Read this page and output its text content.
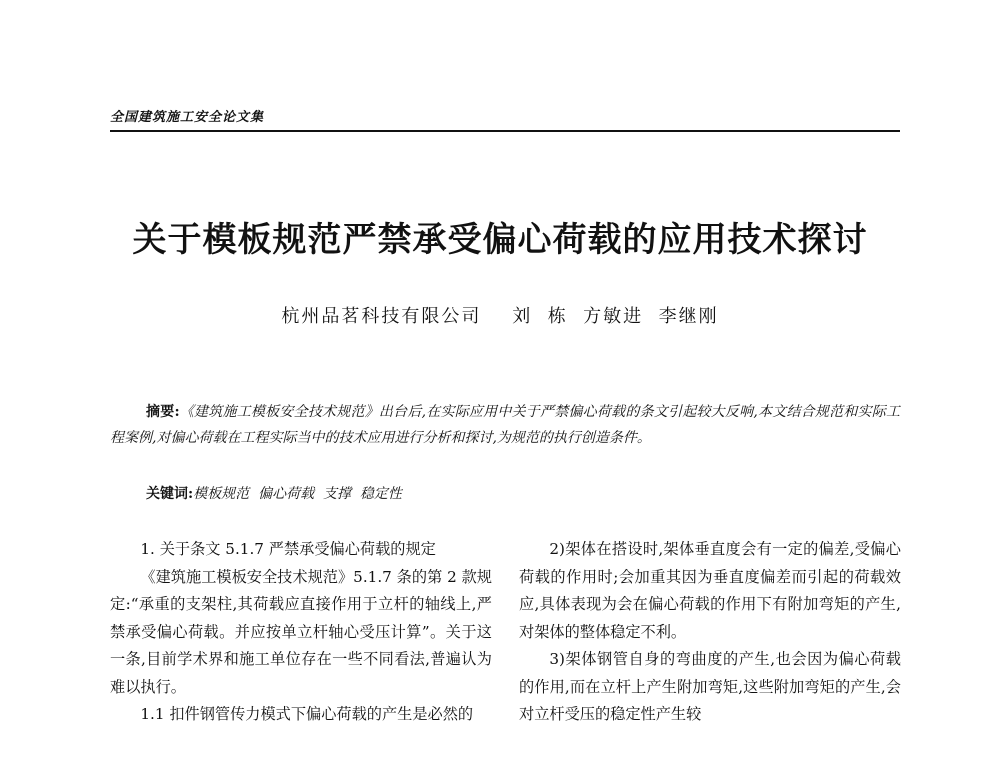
全国建筑施工安全论文集
关于模板规范严禁承受偏心荷载的应用技术探讨
杭州品茗科技有限公司    刘  栋  方敏进  李继刚
摘要:《建筑施工模板安全技术规范》出台后,在实际应用中关于严禁偏心荷载的条文引起较大反响,本文结合规范和实际工程案例,对偏心荷载在工程实际当中的技术应用进行分析和探讨,为规范的执行创造条件。
关键词:模板规范  偏心荷载  支撑  稳定性

1. 关于条文 5.1.7 严禁承受偏心荷载的规定

《建筑施工模板安全技术规范》5.1.7 条的第 2 款规定:“承重的支架柱,其荷载应直接作用于立杆的轴线上,严禁承受偏心荷载。并应按单立杆轴心受压计算”。关于这一条,目前学术界和施工单位存在一些不同看法,普遍认为难以执行。

1.1 扣件钢管传力模式下偏心荷载的产生是必然的

2)架体在搭设时,架体垂直度会有一定的偏差,受偏心荷载的作用时;会加重其因为垂直度偏差而引起的荷载效应,具体表现为会在偏心荷载的作用下有附加弯矩的产生,对架体的整体稳定不利。

3)架体钢管自身的弯曲度的产生,也会因为偏心荷载的作用,而在立杆上产生附加弯矩,这些附加弯矩的产生,会对立杆受压的稳定性产生较
